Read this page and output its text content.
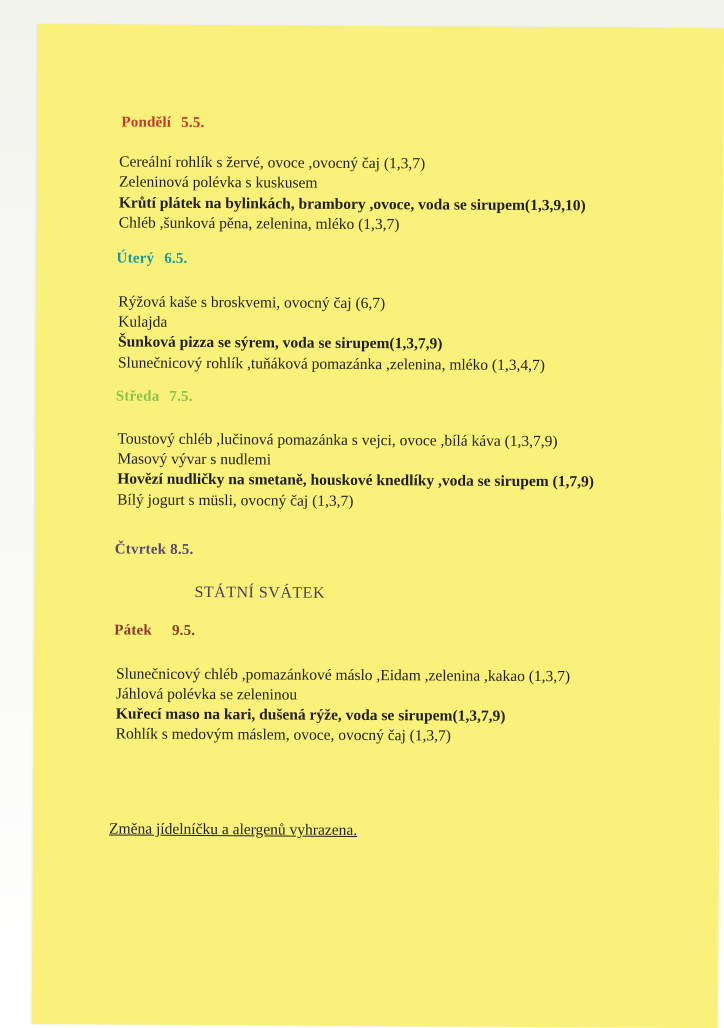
Pondělí 5.5.
Cereální rohlík s žervé, ovoce ,ovocný čaj (1,3,7)
Zeleninová polévka s kuskusem
Krůtí plátek na bylinkách, brambory ,ovoce, voda se sirupem(1,3,9,10)
Chléb ,šunková pěna, zelenina, mléko (1,3,7)
Úterý 6.5.
Rýžová kaše s broskvemi, ovocný čaj (6,7)
Kulajda
Šunková pizza se sýrem, voda se sirupem(1,3,7,9)
Slunečnicový rohlík ,tuňáková pomazánka ,zelenina, mléko (1,3,4,7)
Středa 7.5.
Toustový chléb ,lučinová pomazánka s vejci, ovoce ,bílá káva (1,3,7,9)
Masový vývar s nudlemi
Hovězí nudličky na smetaně, houskové knedlíky ,voda se sirupem (1,7,9)
Bílý jogurt s müsli, ovocný čaj (1,3,7)
Čtvrtek 8.5.
STÁTNÍ SVÁTEK
Pátek 9.5.
Slunečnicový chléb ,pomazánkové máslo ,Eidam ,zelenina ,kakao (1,3,7)
Jáhlová polévka se zeleninou
Kuřecí maso na kari, dušená rýže, voda se sirupem(1,3,7,9)
Rohlík s medovým máslem, ovoce, ovocný čaj (1,3,7)
Změna jídelníčku a alergenů vyhrazena.
